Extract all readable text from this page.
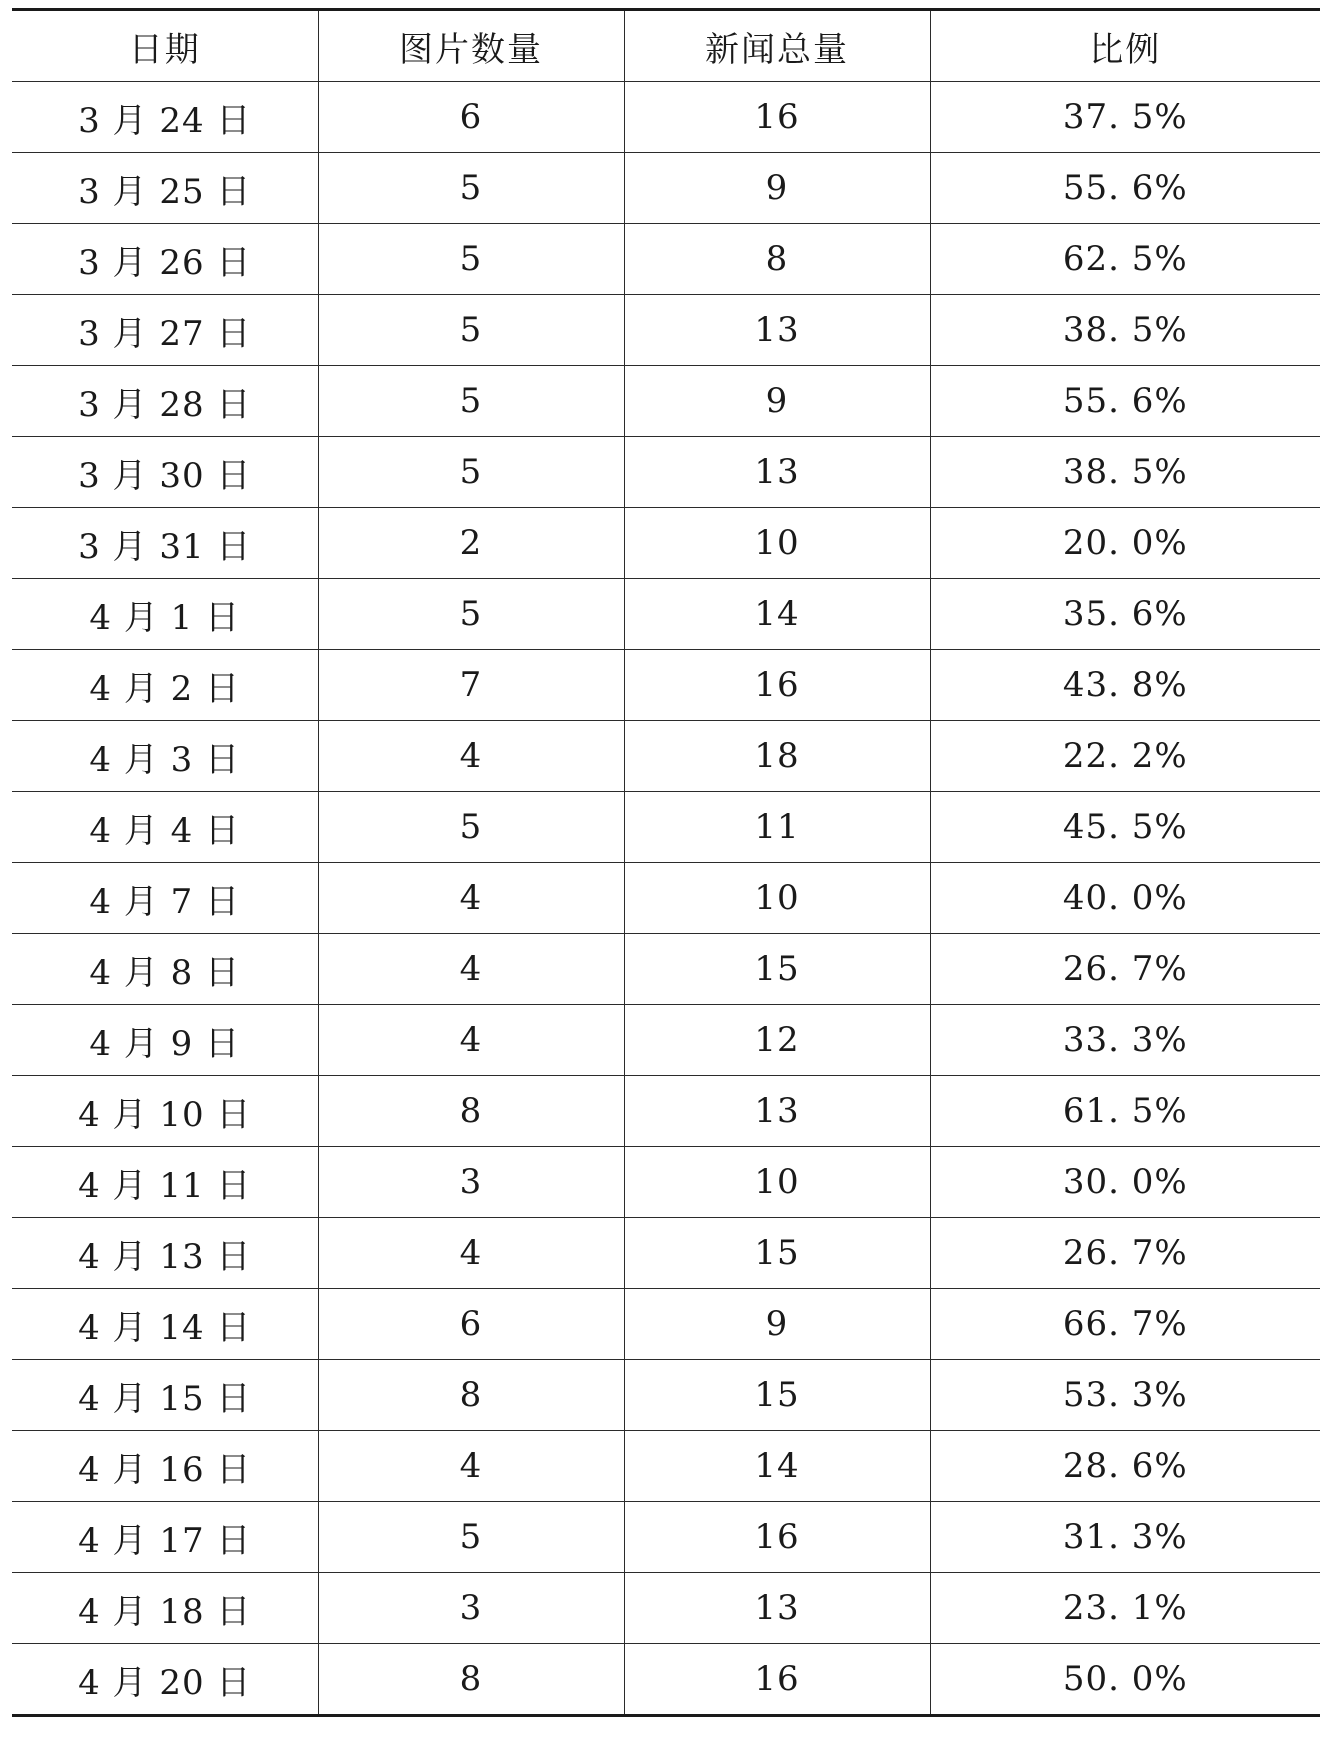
日期	图片数量	新闻总量	比例
3 月 24 日	6	16	37. 5%
3 月 25 日	5	9	55. 6%
3 月 26 日	5	8	62. 5%
3 月 27 日	5	13	38. 5%
3 月 28 日	5	9	55. 6%
3 月 30 日	5	13	38. 5%
3 月 31 日	2	10	20. 0%
4 月 1 日	5	14	35. 6%
4 月 2 日	7	16	43. 8%
4 月 3 日	4	18	22. 2%
4 月 4 日	5	11	45. 5%
4 月 7 日	4	10	40. 0%
4 月 8 日	4	15	26. 7%
4 月 9 日	4	12	33. 3%
4 月 10 日	8	13	61. 5%
4 月 11 日	3	10	30. 0%
4 月 13 日	4	15	26. 7%
4 月 14 日	6	9	66. 7%
4 月 15 日	8	15	53. 3%
4 月 16 日	4	14	28. 6%
4 月 17 日	5	16	31. 3%
4 月 18 日	3	13	23. 1%
4 月 20 日	8	16	50. 0%
